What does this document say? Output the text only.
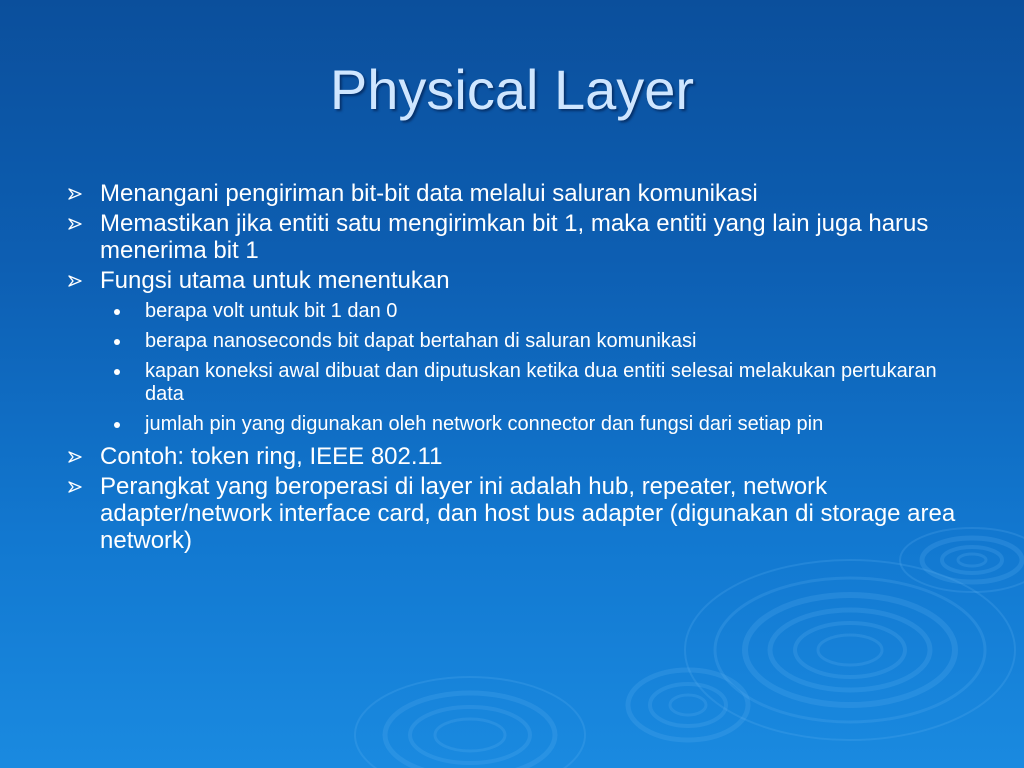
Physical Layer
Menangani pengiriman bit-bit data melalui saluran komunikasi
Memastikan jika entiti satu mengirimkan bit 1, maka entiti yang lain juga harus menerima bit 1
Fungsi utama untuk menentukan
berapa volt untuk bit 1 dan 0
berapa nanoseconds bit dapat bertahan di saluran komunikasi
kapan koneksi awal dibuat dan diputuskan ketika dua entiti selesai melakukan pertukaran data
jumlah pin yang digunakan oleh network connector dan fungsi dari setiap pin
Contoh: token ring, IEEE 802.11
Perangkat yang beroperasi di layer ini adalah hub, repeater, network adapter/network interface card, dan host bus adapter (digunakan di storage area network)
